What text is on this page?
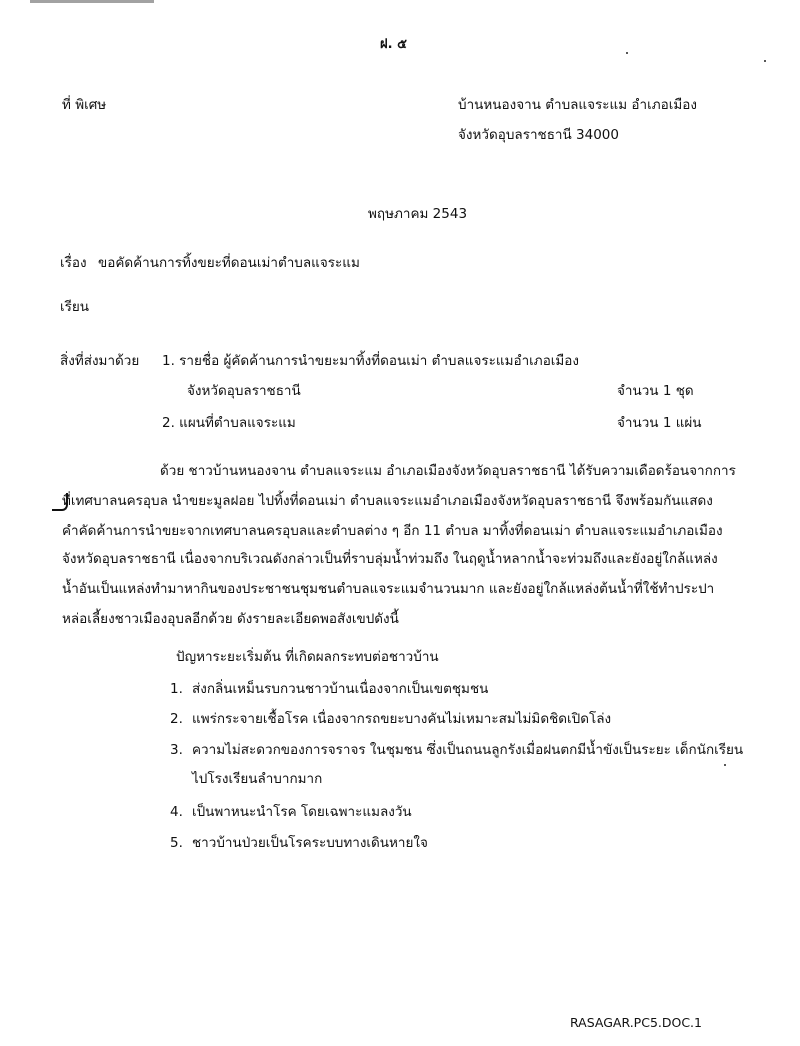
ฝ. ๕
ที่ พิเศษ	บ้านหนองจาน ตำบลแจระแม อำเภอเมือง
จังหวัดอุบลราชธานี 34000
พฤษภาคม 2543
เรื่อง ขอคัดค้านการทิ้งขยะที่ดอนเม่าตำบลแจระแม
เรียน
สิ่งที่ส่งมาด้วย 1. รายชื่อ ผู้คัดค้านการนำขยะมาทิ้งที่ดอนเม่า ตำบลแจระแมอำเภอเมือง
จังหวัดอุบลราชธานี	จำนวน 1 ชุด
2. แผนที่ตำบลแจระแม	จำนวน 1 แผ่น
ด้วย ชาวบ้านหนองจาน ตำบลแจระแม อำเภอเมืองจังหวัดอุบลราชธานี ได้รับความเดือดร้อนจากการ
ที่เทศบาลนครอุบล นำขยะมูลฝอย ไปทิ้งที่ดอนเม่า ตำบลแจระแมอำเภอเมืองจังหวัดอุบลราชธานี จึงพร้อมกันแสดง
คำคัดค้านการนำขยะจากเทศบาลนครอุบลและตำบลต่าง ๆ อีก 11 ตำบล มาทิ้งที่ดอนเม่า ตำบลแจระแมอำเภอเมือง
จังหวัดอุบลราชธานี เนื่องจากบริเวณดังกล่าวเป็นที่ราบลุ่มน้ำท่วมถึง ในฤดูน้ำหลากน้ำจะท่วมถึงและยังอยู่ใกล้แหล่ง
น้ำอันเป็นแหล่งทำมาหากินของประชาชนชุมชนตำบลแจระแมจำนวนมาก และยังอยู่ใกล้แหล่งต้นน้ำที่ใช้ทำประปา
หล่อเลี้ยงชาวเมืองอุบลอีกด้วย ดังรายละเอียดพอสังเขปดังนี้
ปัญหาระยะเริ่มต้น ที่เกิดผลกระทบต่อชาวบ้าน
1. ส่งกลิ่นเหม็นรบกวนชาวบ้านเนื่องจากเป็นเขตชุมชน
2. แพร่กระจายเชื้อโรค เนื่องจากรถขยะบางคันไม่เหมาะสมไม่มิดชิดเปิดโล่ง
3. ความไม่สะดวกของการจราจร ในชุมชน ซึ่งเป็นถนนลูกรังเมื่อฝนตกมีน้ำขังเป็นระยะ เด็กนักเรียน
ไปโรงเรียนลำบากมาก
4. เป็นพาหนะนำโรค โดยเฉพาะแมลงวัน
5. ชาวบ้านป่วยเป็นโรคระบบทางเดินหายใจ
RASAGAR.PC5.DOC.1
